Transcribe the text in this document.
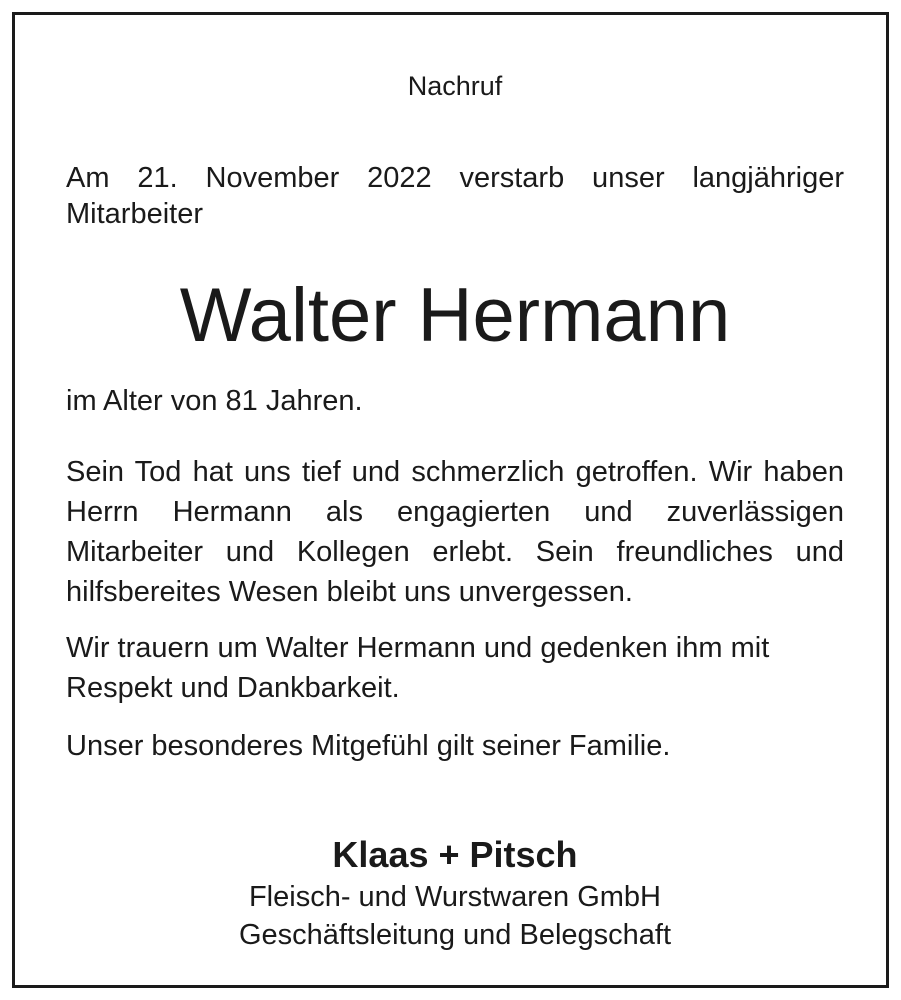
Nachruf
Am 21. November 2022 verstarb unser langjähriger
Mitarbeiter
Walter Hermann

im Alter von 81 Jahren.

Sein Tod hat uns tief und schmerzlich getroffen. Wir haben Herrn Hermann als engagierten und zuverlässigen Mitarbeiter und Kollegen erlebt. Sein freundliches und hilfsbereites Wesen bleibt uns unvergessen.

Wir trauern um Walter Hermann und gedenken ihm mit Respekt und Dankbarkeit.

Unser besonderes Mitgefühl gilt seiner Familie.

Klaas + Pitsch
Fleisch- und Wurstwaren GmbH
Geschäftsleitung und Belegschaft
